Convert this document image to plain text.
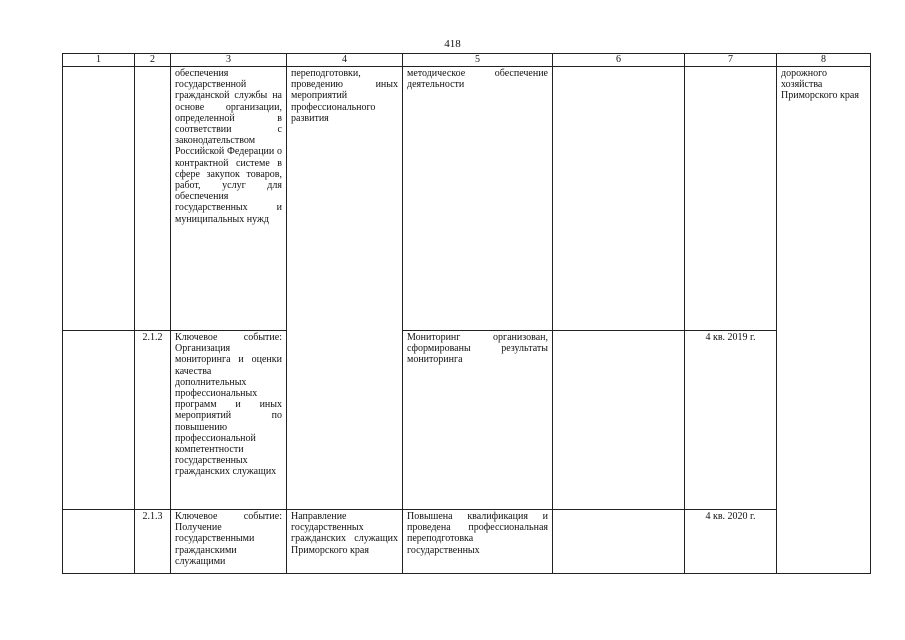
418
1	2	3	4	5	6	7	8
		обеспечения государственной гражданской службы на основе организации, определенной в соответствии с законодательством Российской Федерации о контрактной системе в сфере закупок товаров, работ, услуг для обеспечения государственных и муниципальных нужд	переподготовки, проведению иных мероприятий профессионального развития	методическое обеспечение деятельности			дорожного хозяйства Приморского края
	2.1.2	Ключевое событие: Организация мониторинга и оценки качества дополнительных профессиональных программ и иных мероприятий по повышению профессиональной компетентности государственных гражданских служащих		Мониторинг организован, сформированы результаты мониторинга		4 кв. 2019 г.	
	2.1.3	Ключевое событие: Получение государственными гражданскими служащими	Направление государственных гражданских служащих Приморского края	Повышена квалификация и проведена профессиональная переподготовка государственных		4 кв. 2020 г.	
